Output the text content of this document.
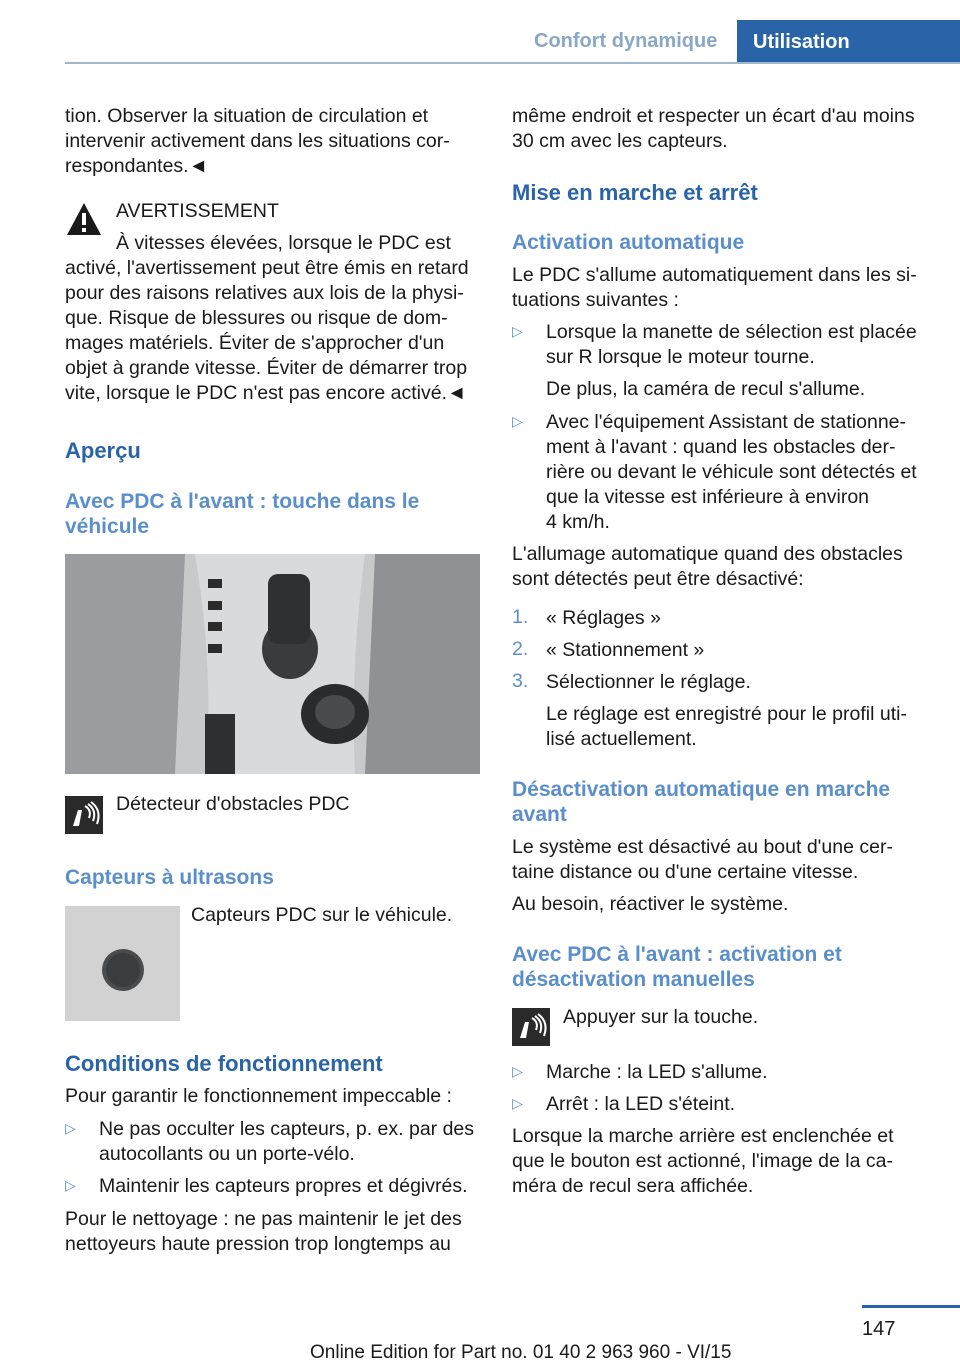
Confort dynamique	Utilisation

tion. Observer la situation de circulation et

intervenir activement dans les situations cor-

respondantes.◄

AVERTISSEMENT

À vitesses élevées, lorsque le PDC est

activé, l'avertissement peut être émis en retard

pour des raisons relatives aux lois de la physi-

que. Risque de blessures ou risque de dom-

mages matériels. Éviter de s'approcher d'un

objet à grande vitesse. Éviter de démarrer trop

vite, lorsque le PDC n'est pas encore activé.◄

Aperçu
Avec PDC à l'avant : touche dans le
véhicule

Détecteur d'obstacles PDC

Capteurs à ultrasons

Capteurs PDC sur le véhicule.

Conditions de fonctionnement

Pour garantir le fonctionnement impeccable :

▷ Ne pas occulter les capteurs, p. ex. par des

autocollants ou un porte-vélo.

▷ Maintenir les capteurs propres et dégivrés.

Pour le nettoyage : ne pas maintenir le jet des

nettoyeurs haute pression trop longtemps au

même endroit et respecter un écart d'au moins

30 cm avec les capteurs.

Mise en marche et arrêt
Activation automatique

Le PDC s'allume automatiquement dans les si-

tuations suivantes :

▷ Lorsque la manette de sélection est placée

sur R lorsque le moteur tourne.

De plus, la caméra de recul s'allume.

▷ Avec l'équipement Assistant de stationne-

ment à l'avant : quand les obstacles der-

rière ou devant le véhicule sont détectés et

que la vitesse est inférieure à environ

4 km/h.

L'allumage automatique quand des obstacles

sont détectés peut être désactivé:

1. « Réglages »

2. « Stationnement »

3. Sélectionner le réglage.

Le réglage est enregistré pour le profil uti-

lisé actuellement.

Désactivation automatique en marche
avant

Le système est désactivé au bout d'une cer-

taine distance ou d'une certaine vitesse.

Au besoin, réactiver le système.

Avec PDC à l'avant : activation et
désactivation manuelles

Appuyer sur la touche.

▷ Marche : la LED s'allume.

▷ Arrêt : la LED s'éteint.

Lorsque la marche arrière est enclenchée et

que le bouton est actionné, l'image de la ca-

méra de recul sera affichée.

147
Online Edition for Part no. 01 40 2 963 960 - VI/15
